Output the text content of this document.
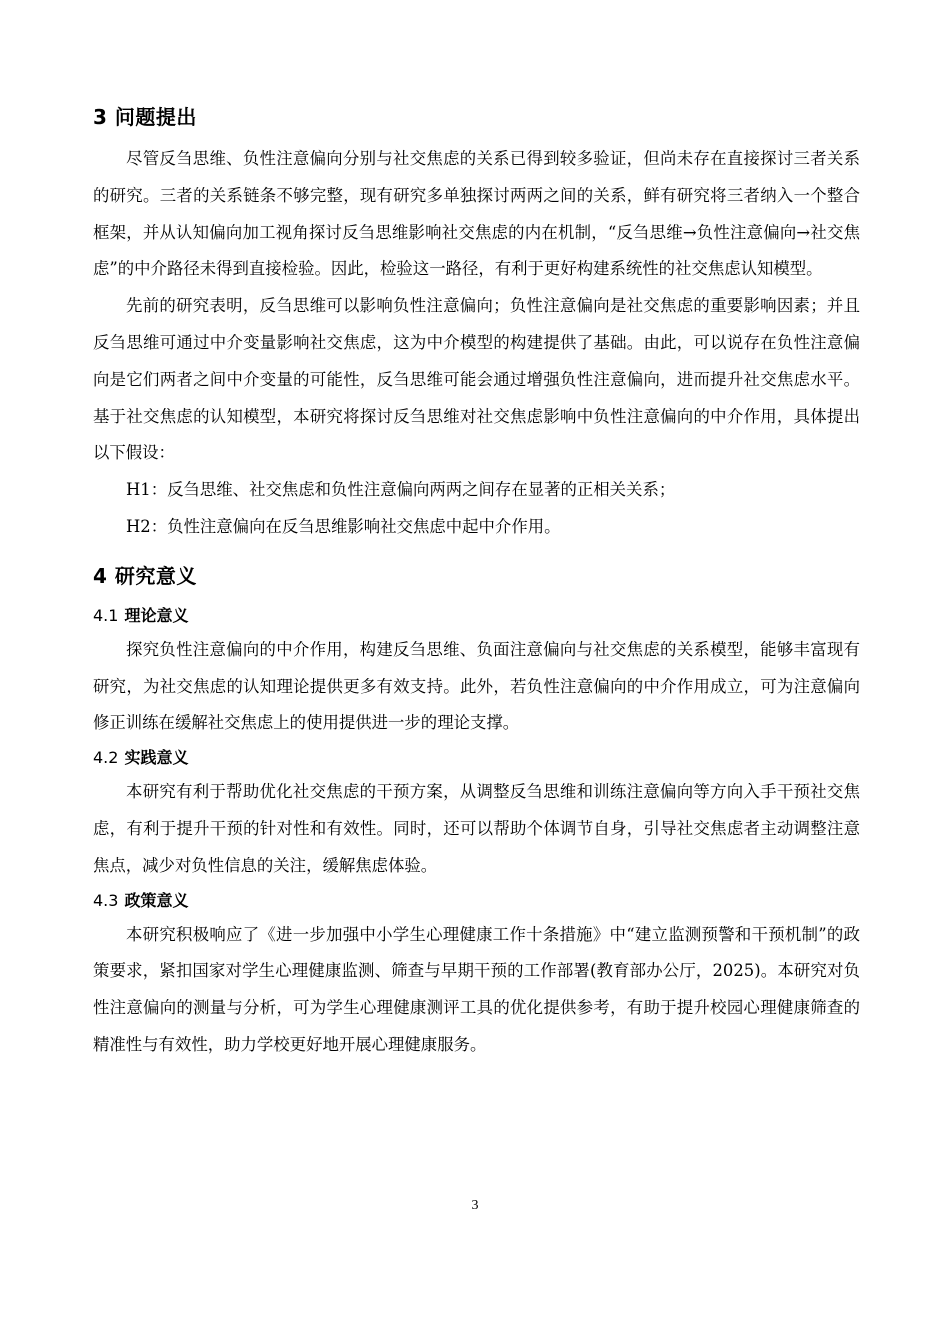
3 问题提出

尽管反刍思维、负性注意偏向分别与社交焦虑的关系已得到较多验证，但尚未存在直接探讨三者关系的研究。三者的关系链条不够完整，现有研究多单独探讨两两之间的关系，鲜有研究将三者纳入一个整合框架，并从认知偏向加工视角探讨反刍思维影响社交焦虑的内在机制，“反刍思维→负性注意偏向→社交焦虑”的中介路径未得到直接检验。因此，检验这一路径，有利于更好构建系统性的社交焦虑认知模型。

先前的研究表明，反刍思维可以影响负性注意偏向；负性注意偏向是社交焦虑的重要影响因素；并且反刍思维可通过中介变量影响社交焦虑，这为中介模型的构建提供了基础。由此，可以说存在负性注意偏向是它们两者之间中介变量的可能性，反刍思维可能会通过增强负性注意偏向，进而提升社交焦虑水平。基于社交焦虑的认知模型，本研究将探讨反刍思维对社交焦虑影响中负性注意偏向的中介作用，具体提出以下假设：

H1：反刍思维、社交焦虑和负性注意偏向两两之间存在显著的正相关关系；

H2：负性注意偏向在反刍思维影响社交焦虑中起中介作用。

4 研究意义
4.1 理论意义

探究负性注意偏向的中介作用，构建反刍思维、负面注意偏向与社交焦虑的关系模型，能够丰富现有研究，为社交焦虑的认知理论提供更多有效支持。此外，若负性注意偏向的中介作用成立，可为注意偏向修正训练在缓解社交焦虑上的使用提供进一步的理论支撑。

4.2 实践意义

本研究有利于帮助优化社交焦虑的干预方案，从调整反刍思维和训练注意偏向等方向入手干预社交焦虑，有利于提升干预的针对性和有效性。同时，还可以帮助个体调节自身，引导社交焦虑者主动调整注意焦点，减少对负性信息的关注，缓解焦虑体验。

4.3 政策意义

本研究积极响应了《进一步加强中小学生心理健康工作十条措施》中“建立监测预警和干预机制”的政策要求，紧扣国家对学生心理健康监测、筛查与早期干预的工作部署(教育部办公厅，2025)。本研究对负性注意偏向的测量与分析，可为学生心理健康测评工具的优化提供参考，有助于提升校园心理健康筛查的精准性与有效性，助力学校更好地开展心理健康服务。

3
